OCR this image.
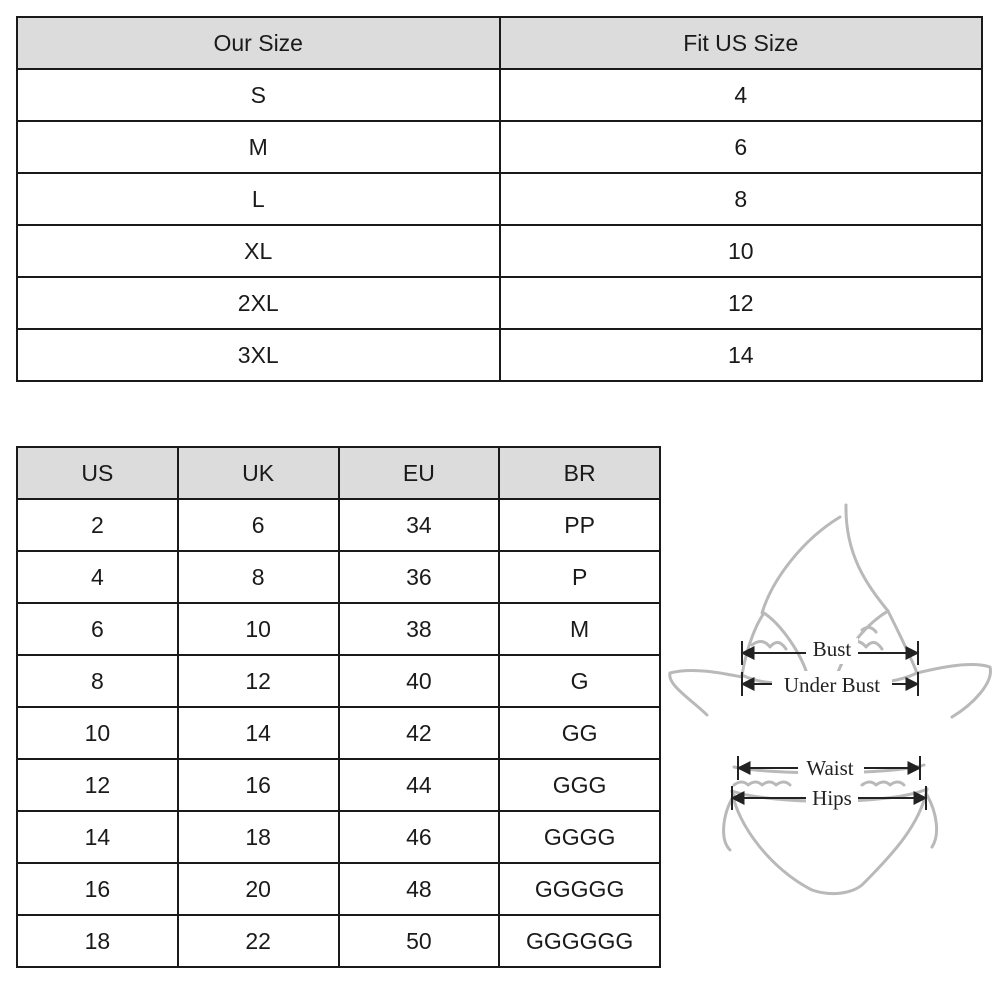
Our Size	Fit US Size
S	4
M	6
L	8
XL	10
2XL	12
3XL	14
US	UK	EU	BR
2	6	34	PP
4	8	36	P
6	10	38	M
8	12	40	G
10	14	42	GG
12	16	44	GGG
14	18	46	GGGG
16	20	48	GGGGG
18	22	50	GGGGGG
Bust
Under Bust
Waist
Hips
